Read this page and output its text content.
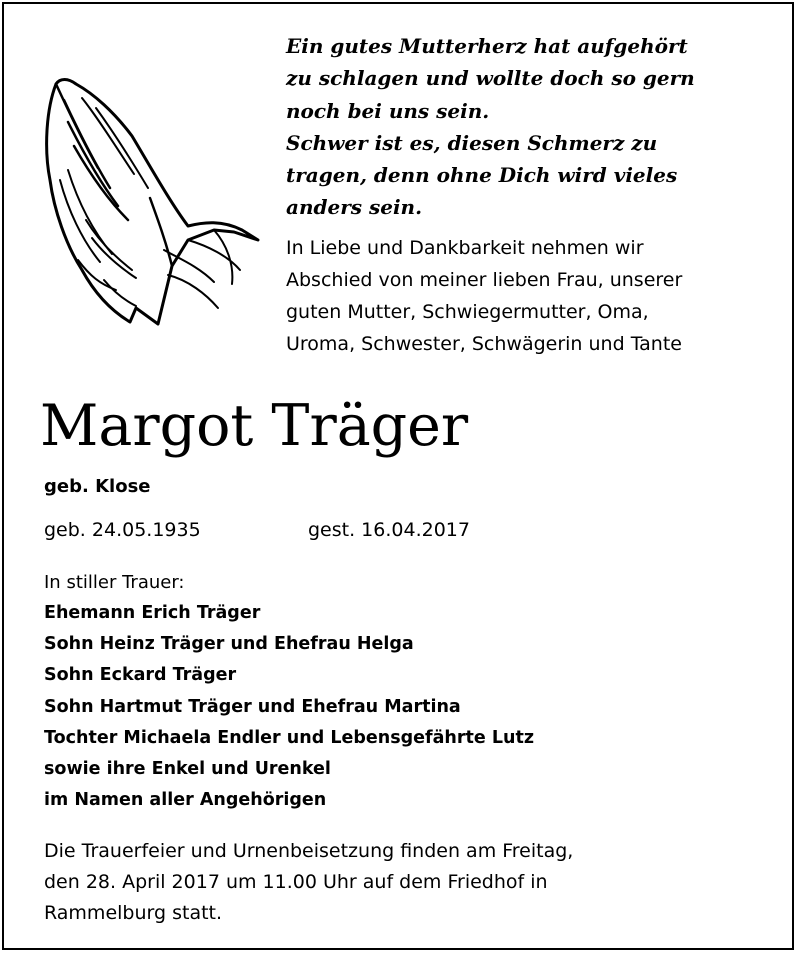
Ein gutes Mutterherz hat aufgehört
zu schlagen und wollte doch so gern
noch bei uns sein.
Schwer ist es, diesen Schmerz zu
tragen, denn ohne Dich wird vieles
anders sein.
In Liebe und Dankbarkeit nehmen wir
Abschied von meiner lieben Frau, unserer
guten Mutter, Schwiegermutter, Oma,
Uroma, Schwester, Schwägerin und Tante
Margot Träger
geb. Klose
geb. 24.05.1935	gest. 16.04.2017
In stiller Trauer:
Ehemann Erich Träger
Sohn Heinz Träger und Ehefrau Helga
Sohn Eckard Träger
Sohn Hartmut Träger und Ehefrau Martina
Tochter Michaela Endler und Lebensgefährte Lutz
sowie ihre Enkel und Urenkel
im Namen aller Angehörigen
Die Trauerfeier und Urnenbeisetzung finden am Freitag,
den 28. April 2017 um 11.00 Uhr auf dem Friedhof in
Rammelburg statt.
